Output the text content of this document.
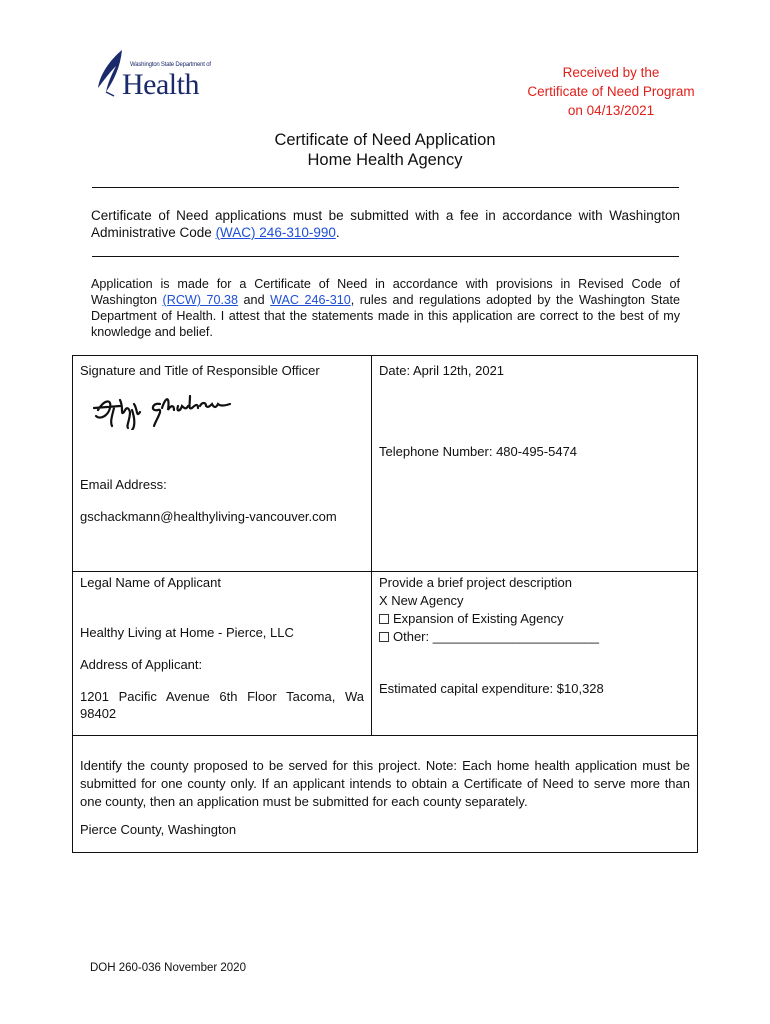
Washington State Department of
Health	Received by the
Certificate of Need Program
on 04/13/2021
Certificate of Need Application
Home Health Agency
Certificate of Need applications must be submitted with a fee in accordance with Washington Administrative Code (WAC) 246-310-990.
Application is made for a Certificate of Need in accordance with provisions in Revised Code of Washington (RCW) 70.38 and WAC 246-310, rules and regulations adopted by the Washington State Department of Health. I attest that the statements made in this application are correct to the best of my knowledge and belief.
Signature and Title of Responsible Officer
Email Address:
gschackmann@healthyliving-vancouver.com
Date: April 12th, 2021
Telephone Number: 480-495-5474
Legal Name of Applicant
Healthy Living at Home - Pierce, LLC
Address of Applicant:
1201 Pacific Avenue 6th Floor Tacoma, Wa 98402
Provide a brief project description
X New Agency
Expansion of Existing Agency
Other: _______________________
Estimated capital expenditure: $10,328
Identify the county proposed to be served for this project. Note: Each home health application must be submitted for one county only. If an applicant intends to obtain a Certificate of Need to serve more than one county, then an application must be submitted for each county separately.
Pierce County, Washington
DOH 260-036 November 2020
